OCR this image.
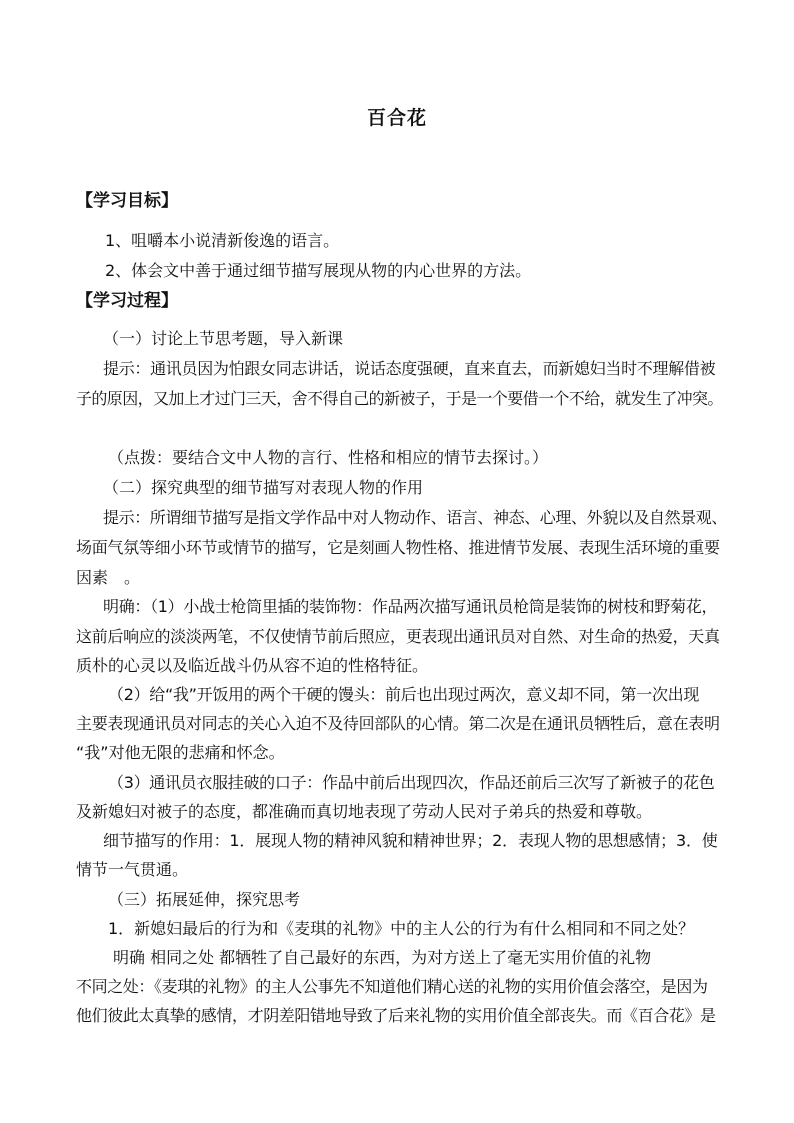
百合花
【学习目标】
1、咀嚼本小说清新俊逸的语言。
2、体会文中善于通过细节描写展现从物的内心世界的方法。
【学习过程】
（一）讨论上节思考题，导入新课
提示：通讯员因为怕跟女同志讲话，说话态度强硬，直来直去，而新媳妇当时不理解借被
子的原因，又加上才过门三天，舍不得自己的新被子，于是一个要借一个不给，就发生了冲突。
（点拨：要结合文中人物的言行、性格和相应的情节去探讨。）
（二）探究典型的细节描写对表现人物的作用
提示：所谓细节描写是指文学作品中对人物动作、语言、神态、心理、外貌以及自然景观、
场面气氛等细小环节或情节的描写，它是刻画人物性格、推进情节发展、表现生活环境的重要
因素　。
明确：（1）小战士枪筒里插的装饰物：作品两次描写通讯员枪筒是装饰的树枝和野菊花，
这前后响应的淡淡两笔，不仅使情节前后照应，更表现出通讯员对自然、对生命的热爱，天真
质朴的心灵以及临近战斗仍从容不迫的性格特征。
（2）给“我”开饭用的两个干硬的馒头：前后也出现过两次，意义却不同，第一次出现
主要表现通讯员对同志的关心入迫不及待回部队的心情。第二次是在通讯员牺牲后，意在表明
“我”对他无限的悲痛和怀念。
（3）通讯员衣服挂破的口子：作品中前后出现四次，作品还前后三次写了新被子的花色
及新媳妇对被子的态度，都准确而真切地表现了劳动人民对子弟兵的热爱和尊敬。
细节描写的作用：1．展现人物的精神风貌和精神世界；2．表现人物的思想感情；3．使
情节一气贯通。
（三）拓展延伸，探究思考
1．新媳妇最后的行为和《麦琪的礼物》中的主人公的行为有什么相同和不同之处？
明确 相同之处 都牺牲了自己最好的东西，为对方送上了毫无实用价值的礼物
不同之处：《麦琪的礼物》的主人公事先不知道他们精心送的礼物的实用价值会落空，是因为
他们彼此太真挚的感情，才阴差阳错地导致了后来礼物的实用价值全部丧失。而《百合花》是
